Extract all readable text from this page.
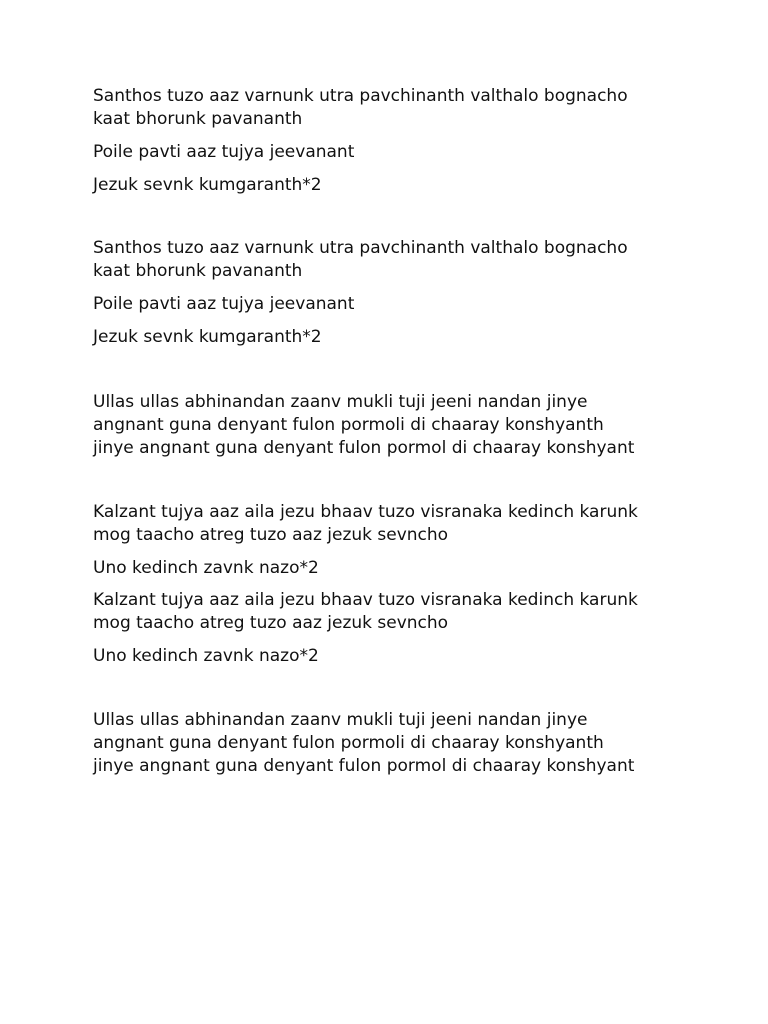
Santhos tuzo aaz varnunk utra pavchinanth valthalo bognacho

kaat bhorunk pavananth

Poile pavti aaz tujya jeevanant

Jezuk sevnk kumgaranth*2

Santhos tuzo aaz varnunk utra pavchinanth valthalo bognacho

kaat bhorunk pavananth

Poile pavti aaz tujya jeevanant

Jezuk sevnk kumgaranth*2

Ullas ullas abhinandan zaanv mukli tuji jeeni nandan jinye

angnant guna denyant fulon pormoli di chaaray konshyanth

jinye angnant guna denyant fulon pormol di chaaray konshyant

Kalzant tujya aaz aila jezu bhaav tuzo visranaka kedinch karunk

mog taacho atreg tuzo aaz jezuk sevncho

Uno kedinch zavnk nazo*2

Kalzant tujya aaz aila jezu bhaav tuzo visranaka kedinch karunk

mog taacho atreg tuzo aaz jezuk sevncho

Uno kedinch zavnk nazo*2

Ullas ullas abhinandan zaanv mukli tuji jeeni nandan jinye

angnant guna denyant fulon pormoli di chaaray konshyanth

jinye angnant guna denyant fulon pormol di chaaray konshyant
